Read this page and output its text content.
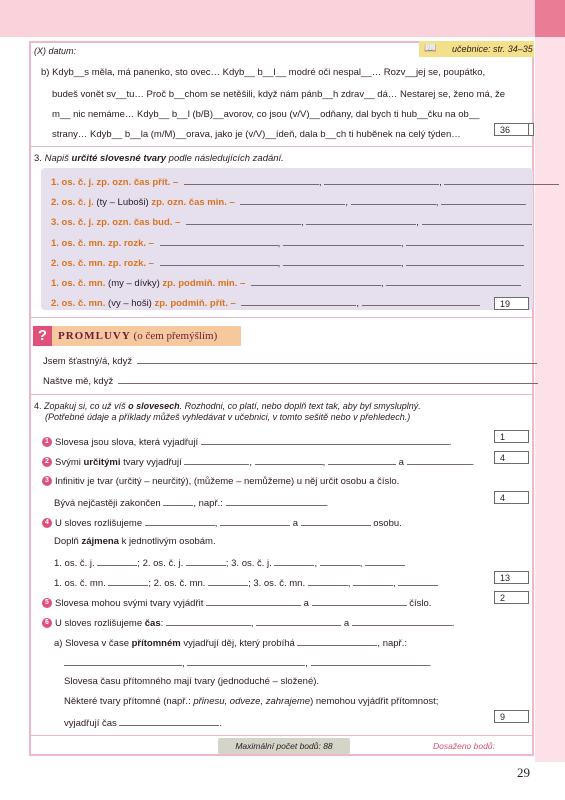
(X) datum:	📖 učebnice: str. 34–35
b) Kdyb__s měla, má panenko, sto ovec… Kdyb__ b__l__ modré oči nespal__… Rozv__jej se, poupátko,
budeš vonět sv__tu… Proč b__chom se netěšili, když nám pánb__h zdrav__ dá… Nestarej se, ženo má, že
m__ nic nemáme… Kdyb__ b__l (b/B)__avorov, co jsou (v/V)__odňany, dal bych ti hub__čku na ob__
strany… Kdyb__ b__la (m/M)__orava, jako je (v/V)__ídeň, dala b__ch ti hubĕnek na celý týden…	36
3. Napiš určité slovesné tvary podle následujících zadání.
1. os. č. j. zp. ozn. čas přít. –	,	,
2. os. č. j. (ty – Luboši) zp. ozn. čas min. –	,	,
3. os. č. j. zp. ozn. čas bud. –	,	,
1. os. č. mn. zp. rozk. –	,	,
2. os. č. mn. zp. rozk. –	,	,
1. os. č. mn. (my – dívky) zp. podmiň. min. –	,
2. os. č. mn. (vy – hoši) zp. podmiň. přít. –	,	19
? PROMLUVY (o čem přemýšlím)
Jsem šťastný/á, když
Naštve mě, když
4. Zopakuj si, co už víš o slovesech. Rozhodni, co platí, nebo doplň text tak, aby byl smysluplný.
(Potřebné údaje a příklady můžeš vyhledávat v učebnici, v tomto sešitě nebo v přehledech.)
1 Slovesa jsou slova, která vyjadřují	.	1
2 Svými určitými tvary vyjadřují	,	,	a	.	4
3 Infinitiv je tvar (určitý – neurčitý), (můžeme – nemůžeme) u něj určit osobu a číslo.
Bývá nejčastěji zakončen	, např.:	.	4
4 U sloves rozlišujeme	,	a	osobu.
Doplň zájmena k jednotlivým osobám.
1. os. č. j.	; 2. os. č. j.	; 3. os. č. j.	,	,
1. os. č. mn.	; 2. os. č. mn.	; 3. os. č. mn.	,	,	13
5 Slovesa mohou svými tvary vyjádřit	a	číslo.	2
6 U sloves rozlišujeme čas:	,	a	.
a) Slovesa v čase přítomném vyjadřují děj, který probíhá	, např.:
,	,	.
Slovesa času přítomného mají tvary (jednoduché – složené).
Některé tvary přítomné (např.: přinesu, odveze, zahrajeme) nemohou vyjádřit přítomnost;
vyjadřují čas	.
9
Maximální počet bodů: 88	Dosaženo bodů:
29
